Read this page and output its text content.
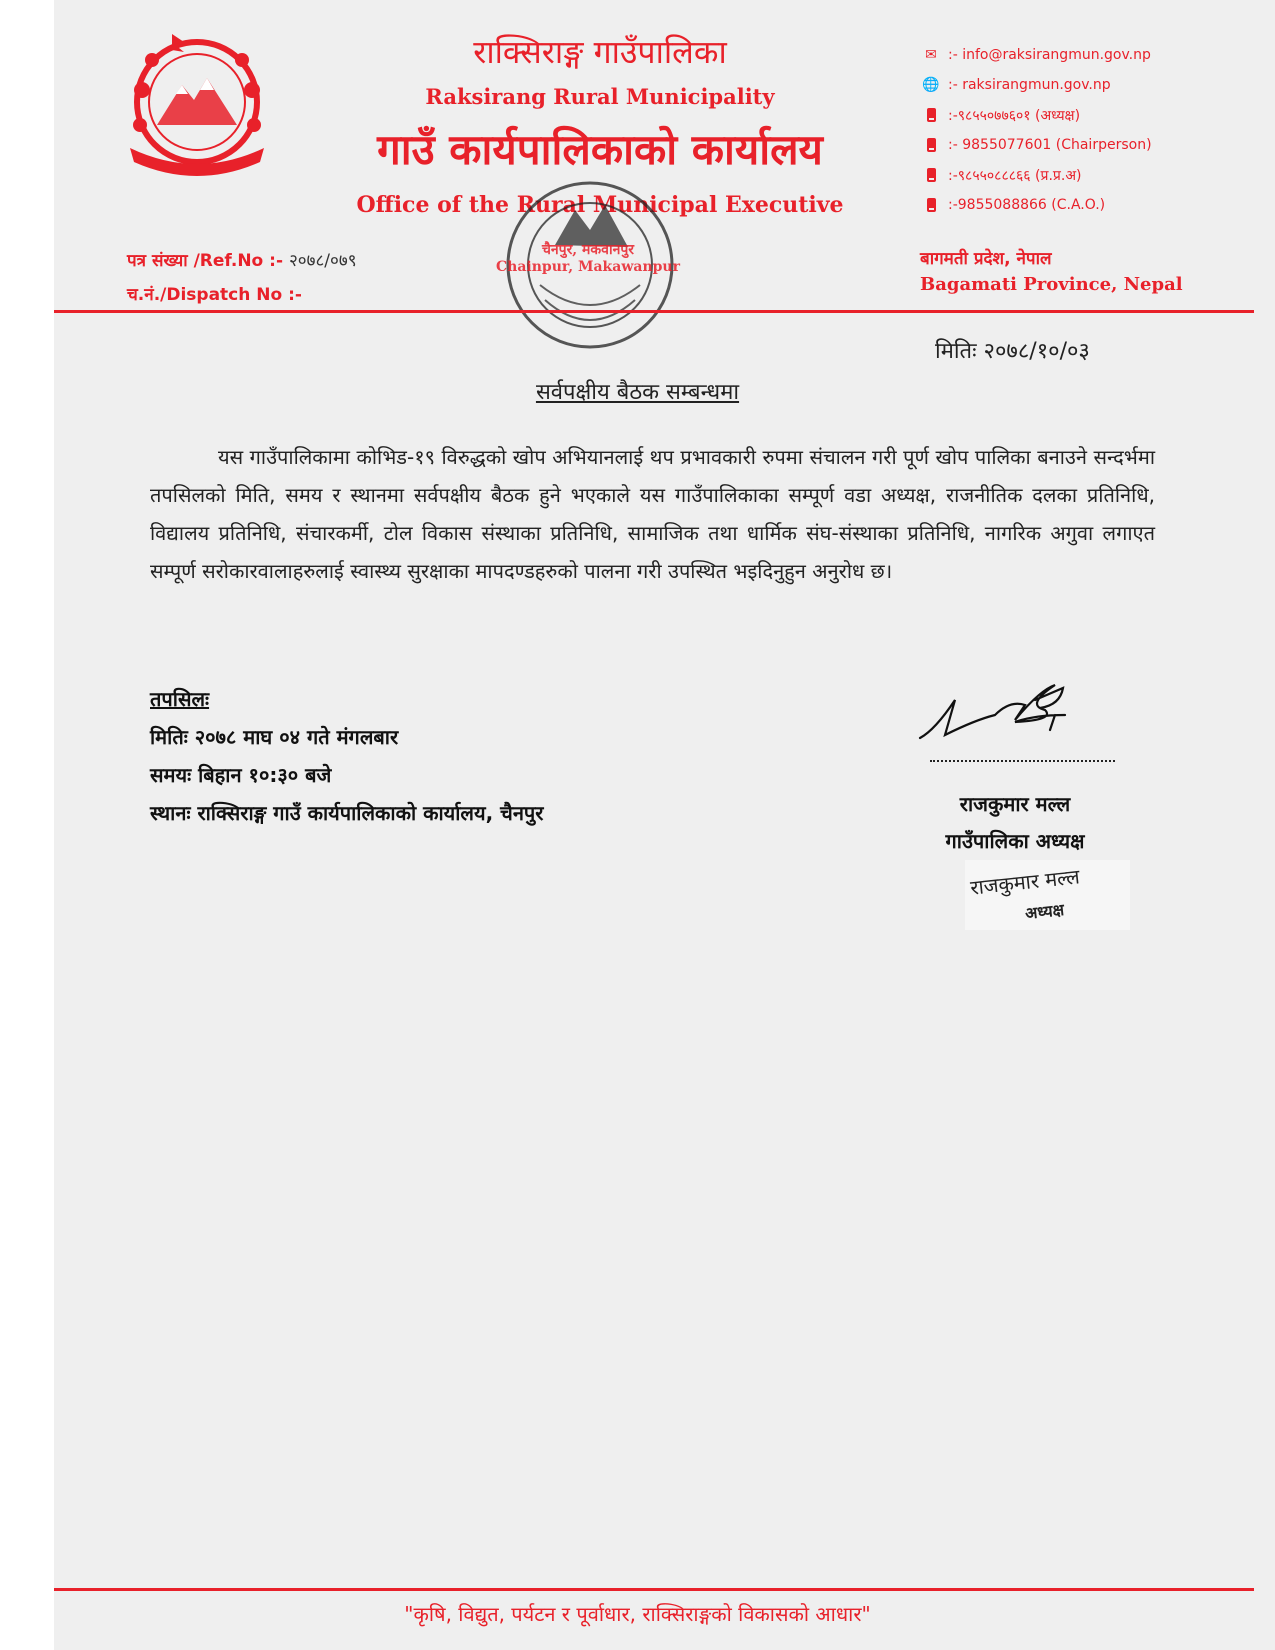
राक्सिराङ्ग गाउँपालिका
Raksirang Rural Municipality
गाउँ कार्यपालिकाको कार्यालय
Office of the Rural Municipal Executive
✉ :- info@raksirangmun.gov.np
🌐 :- raksirangmun.gov.np
:-९८५५०७७६०१ (अध्यक्ष)
:- 9855077601 (Chairperson)
:-९८५५०८८८६६ (प्र.प्र.अ)
:-9855088866 (C.A.O.)
पत्र संख्या /Ref.No :- २०७८/०७९
च.नं./Dispatch No :-
बागमती प्रदेश, नेपाल
Bagamati Province, Nepal
चैनपुर, मकवानपुर
Chainpur, Makawanpur
मितिः २०७८/१०/०३
सर्वपक्षीय बैठक सम्बन्धमा
यस गाउँपालिकामा कोभिड-१९ विरुद्धको खोप अभियानलाई थप प्रभावकारी रुपमा संचालन गरी पूर्ण खोप पालिका बनाउने सन्दर्भमा तपसिलको मिति, समय र स्थानमा सर्वपक्षीय बैठक हुने भएकाले यस गाउँपालिकाका सम्पूर्ण वडा अध्यक्ष, राजनीतिक दलका प्रतिनिधि, विद्यालय प्रतिनिधि, संचारकर्मी, टोल विकास संस्थाका प्रतिनिधि, सामाजिक तथा धार्मिक संघ-संस्थाका प्रतिनिधि, नागरिक अगुवा लगाएत सम्पूर्ण सरोकारवालाहरुलाई स्वास्थ्य सुरक्षाका मापदण्डहरुको पालना गरी उपस्थित भइदिनुहुन अनुरोध छ।
तपसिलः
मितिः २०७८ माघ ०४ गते मंगलबार
समयः बिहान १०:३० बजे
स्थानः राक्सिराङ्ग गाउँ कार्यपालिकाको कार्यालय, चैनपुर	राजकुमार मल्ल
गाउँपालिका अध्यक्ष
राजकुमार मल्ल
अध्यक्ष
"कृषि, विद्युत, पर्यटन र पूर्वाधार, राक्सिराङ्गको विकासको आधार"
